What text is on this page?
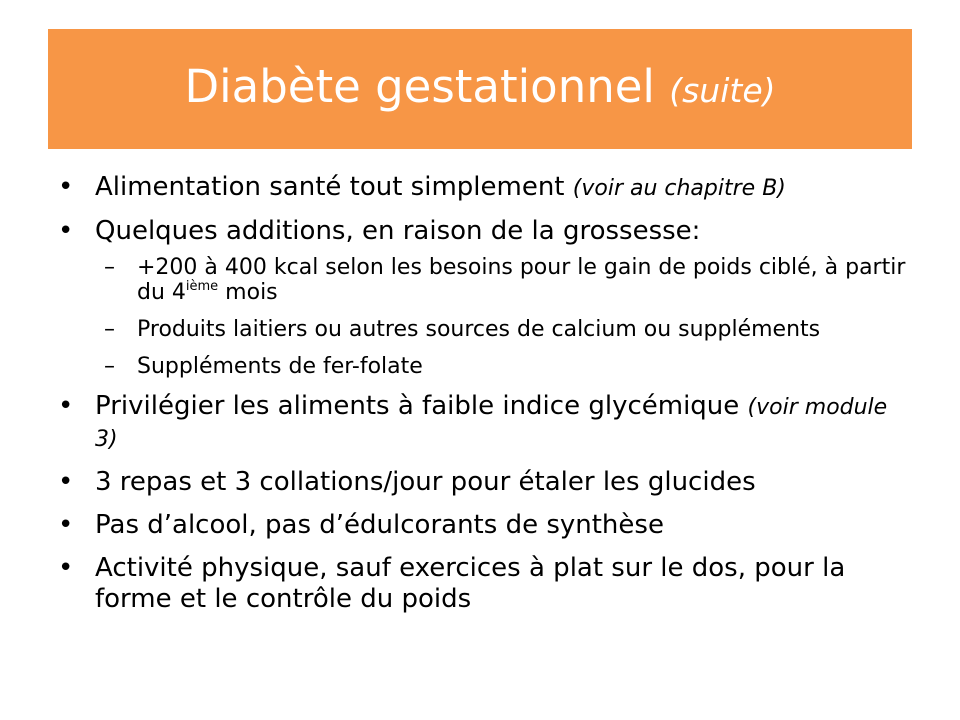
Diabète gestationnel (suite)
• Alimentation santé tout simplement (voir au chapitre B)
• Quelques additions, en raison de la grossesse:
– +200 à 400 kcal selon les besoins pour le gain de poids ciblé, à partir du 4ième mois
– Produits laitiers ou autres sources de calcium ou suppléments
– Suppléments de fer-folate
• Privilégier les aliments à faible indice glycémique (voir module 3)
• 3 repas et 3 collations/jour pour étaler les glucides
• Pas d’alcool, pas d’édulcorants de synthèse
• Activité physique, sauf exercices à plat sur le dos, pour la forme et le contrôle du poids
